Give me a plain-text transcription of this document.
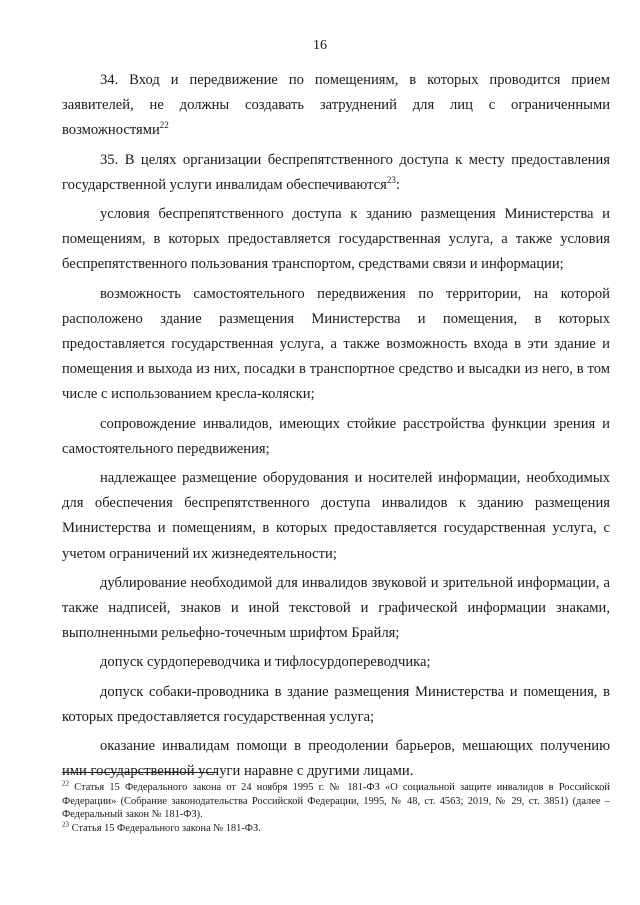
16

34. Вход и передвижение по помещениям, в которых проводится прием заявителей, не должны создавать затруднений для лиц с ограниченными возможностями$^{22}$

35. В целях организации беспрепятственного доступа к месту предоставления государственной услуги инвалидам обеспечиваются$^{23}$:

условия беспрепятственного доступа к зданию размещения Министерства и помещениям, в которых предоставляется государственная услуга, а также условия беспрепятственного пользования транспортом, средствами связи и информации;

возможность самостоятельного передвижения по территории, на которой расположено здание размещения Министерства и помещения, в которых предоставляется государственная услуга, а также возможность входа в эти здание и помещения и выхода из них, посадки в транспортное средство и высадки из него, в том числе с использованием кресла-коляски;

сопровождение инвалидов, имеющих стойкие расстройства функции зрения и самостоятельного передвижения;

надлежащее размещение оборудования и носителей информации, необходимых для обеспечения беспрепятственного доступа инвалидов к зданию размещения Министерства и помещениям, в которых предоставляется государственная услуга, с учетом ограничений их жизнедеятельности;

дублирование необходимой для инвалидов звуковой и зрительной информации, а также надписей, знаков и иной текстовой и графической информации знаками, выполненными рельефно-точечным шрифтом Брайля;

допуск сурдопереводчика и тифлосурдопереводчика;

допуск собаки-проводника в здание размещения Министерства и помещения, в которых предоставляется государственная услуга;

оказание инвалидам помощи в преодолении барьеров, мешающих получению ими государственной услуги наравне с другими лицами.

$^{22}$ Статья 15 Федерального закона от 24 ноября 1995 г. № 181-ФЗ «О социальной защите инвалидов в Российской Федерации» (Собрание законодательства Российской Федерации, 1995, № 48, ст. 4563; 2019, № 29, ст. 3851) (далее – Федеральный закон № 181-ФЗ).

$^{23}$ Статья 15 Федерального закона № 181-ФЗ.
